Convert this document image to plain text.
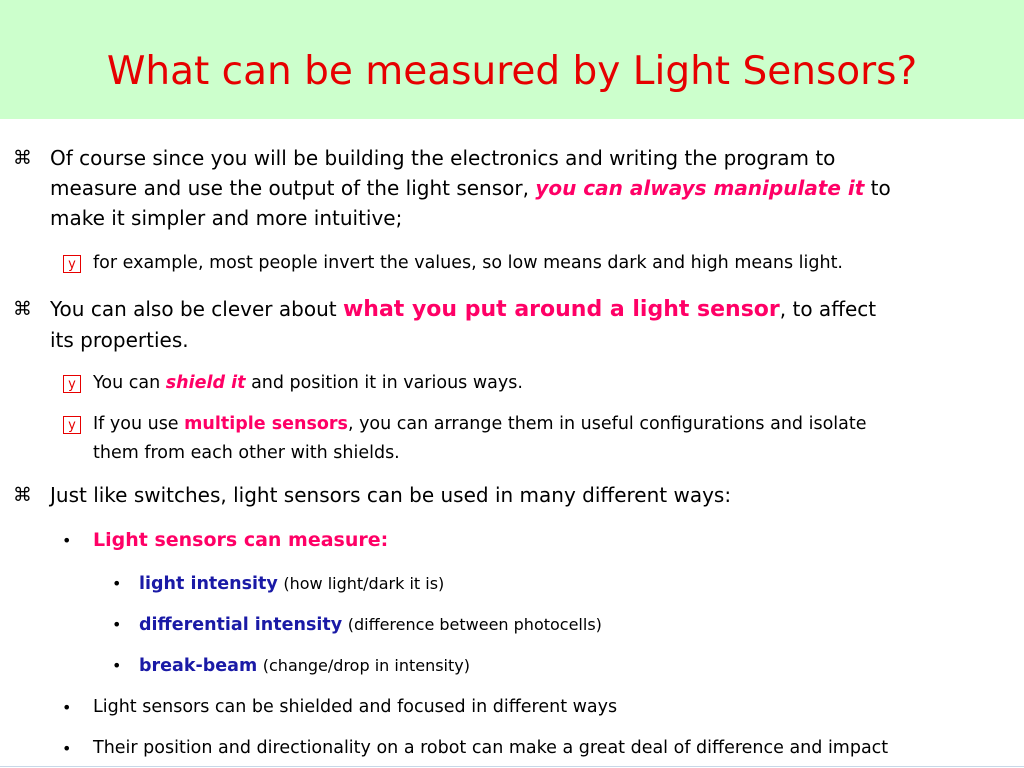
What can be measured by Light Sensors?
⌘ Of course since you will be building the electronics and writing the program to
measure and use the output of the light sensor, you can always manipulate it to
make it simpler and more intuitive;
y for example, most people invert the values, so low means dark and high means light.
⌘ You can also be clever about what you put around a light sensor, to affect
its properties.
y You can shield it and position it in various ways.
y If you use multiple sensors, you can arrange them in useful configurations and isolate
them from each other with shields.
⌘ Just like switches, light sensors can be used in many different ways:
• Light sensors can measure:
• light intensity (how light/dark it is)
• differential intensity (difference between photocells)
• break-beam (change/drop in intensity)
• Light sensors can be shielded and focused in different ways
• Their position and directionality on a robot can make a great deal of difference and impact
